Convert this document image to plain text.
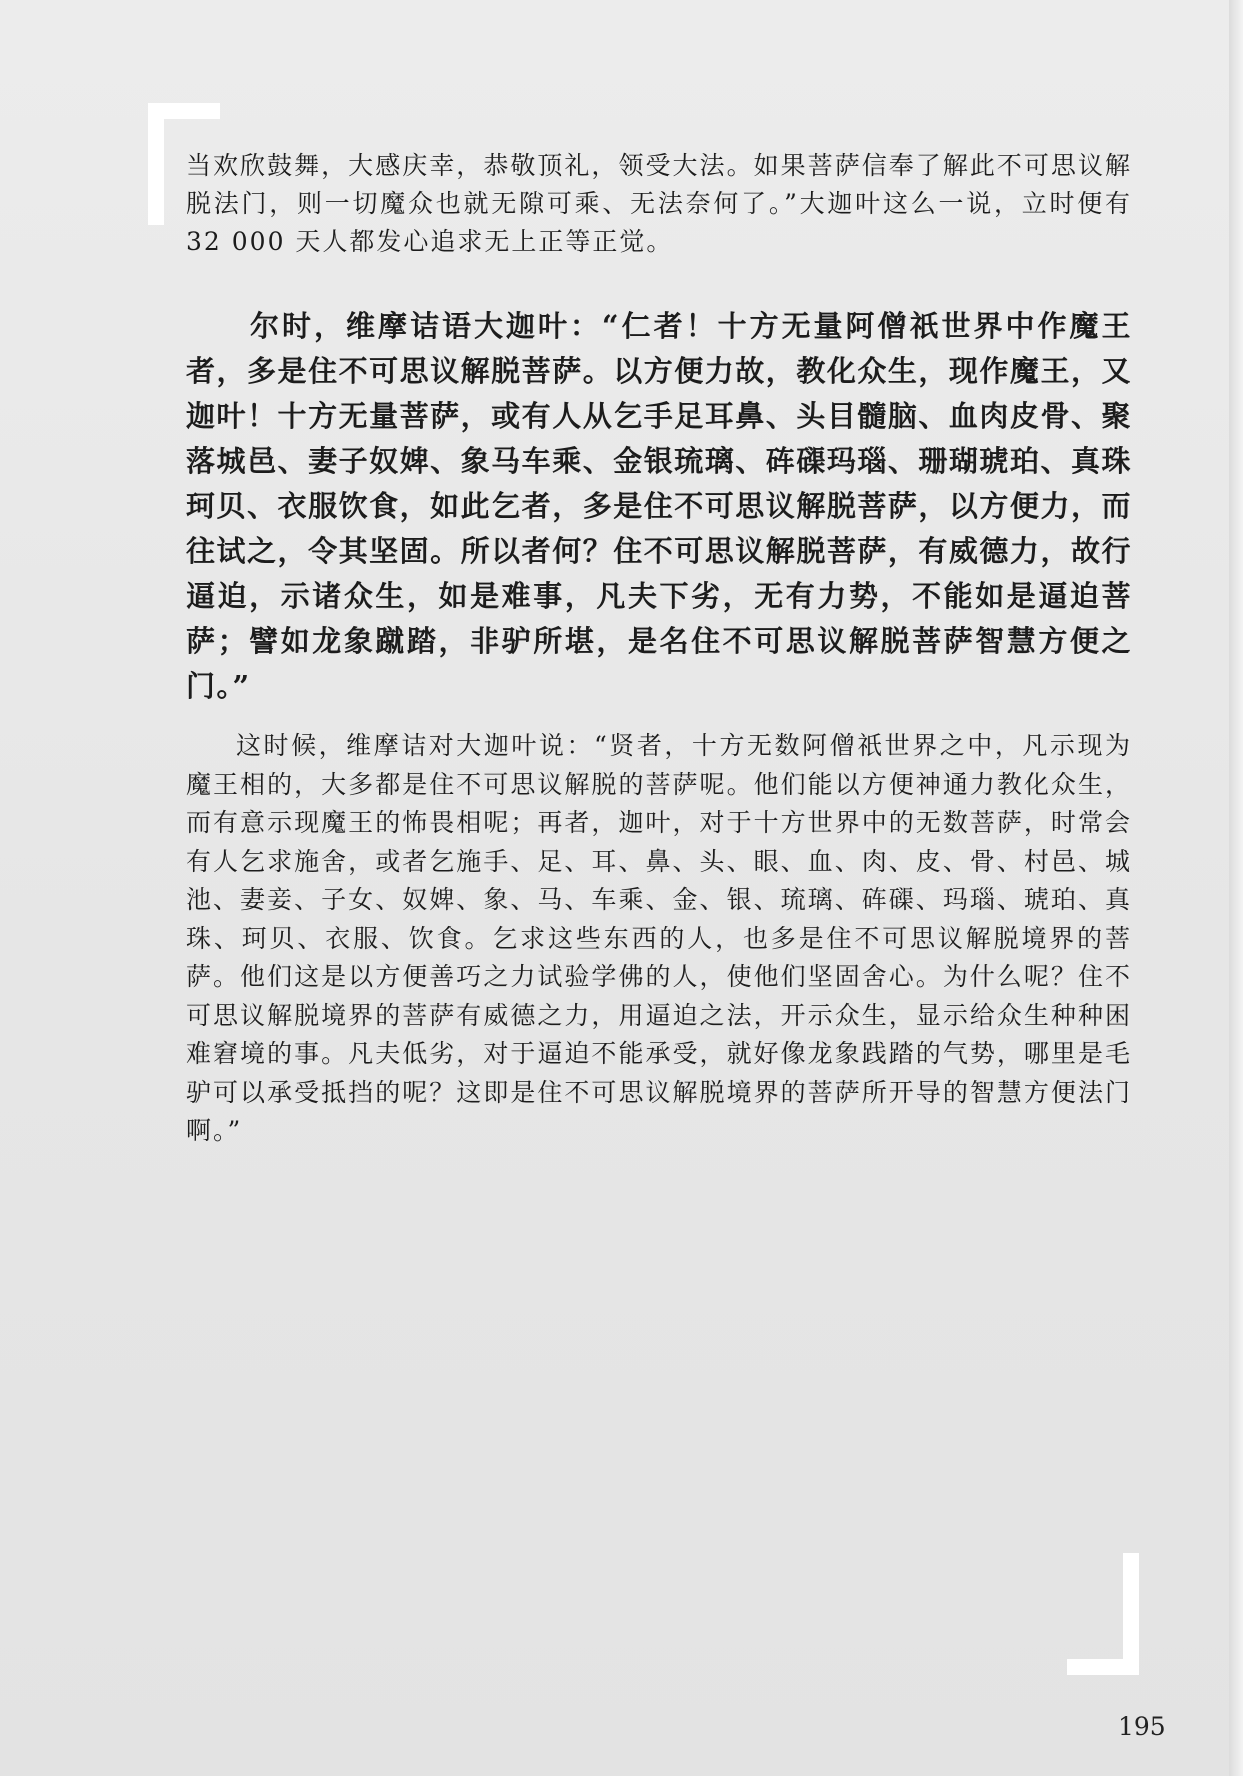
当欢欣鼓舞，大感庆幸，恭敬顶礼，领受大法。如果菩萨信奉了解此不可思议解脱法门，则一切魔众也就无隙可乘、无法奈何了。”大迦叶这么一说，立时便有 32 000 天人都发心追求无上正等正觉。

尔时，维摩诘语大迦叶：“仁者！十方无量阿僧祇世界中作魔王者，多是住不可思议解脱菩萨。以方便力故，教化众生，现作魔王，又迦叶！十方无量菩萨，或有人从乞手足耳鼻、头目髓脑、血肉皮骨、聚落城邑、妻子奴婢、象马车乘、金银琉璃、砗磲玛瑙、珊瑚琥珀、真珠珂贝、衣服饮食，如此乞者，多是住不可思议解脱菩萨，以方便力，而往试之，令其坚固。所以者何？住不可思议解脱菩萨，有威德力，故行逼迫，示诸众生，如是难事，凡夫下劣，无有力势，不能如是逼迫菩萨；譬如龙象蹴踏，非驴所堪，是名住不可思议解脱菩萨智慧方便之门。”

这时候，维摩诘对大迦叶说：“贤者，十方无数阿僧祇世界之中，凡示现为魔王相的，大多都是住不可思议解脱的菩萨呢。他们能以方便神通力教化众生，而有意示现魔王的怖畏相呢；再者，迦叶，对于十方世界中的无数菩萨，时常会有人乞求施舍，或者乞施手、足、耳、鼻、头、眼、血、肉、皮、骨、村邑、城池、妻妾、子女、奴婢、象、马、车乘、金、银、琉璃、砗磲、玛瑙、琥珀、真珠、珂贝、衣服、饮食。乞求这些东西的人，也多是住不可思议解脱境界的菩萨。他们这是以方便善巧之力试验学佛的人，使他们坚固舍心。为什么呢？住不可思议解脱境界的菩萨有威德之力，用逼迫之法，开示众生，显示给众生种种困难窘境的事。凡夫低劣，对于逼迫不能承受，就好像龙象践踏的气势，哪里是毛驴可以承受抵挡的呢？这即是住不可思议解脱境界的菩萨所开导的智慧方便法门啊。”

195
